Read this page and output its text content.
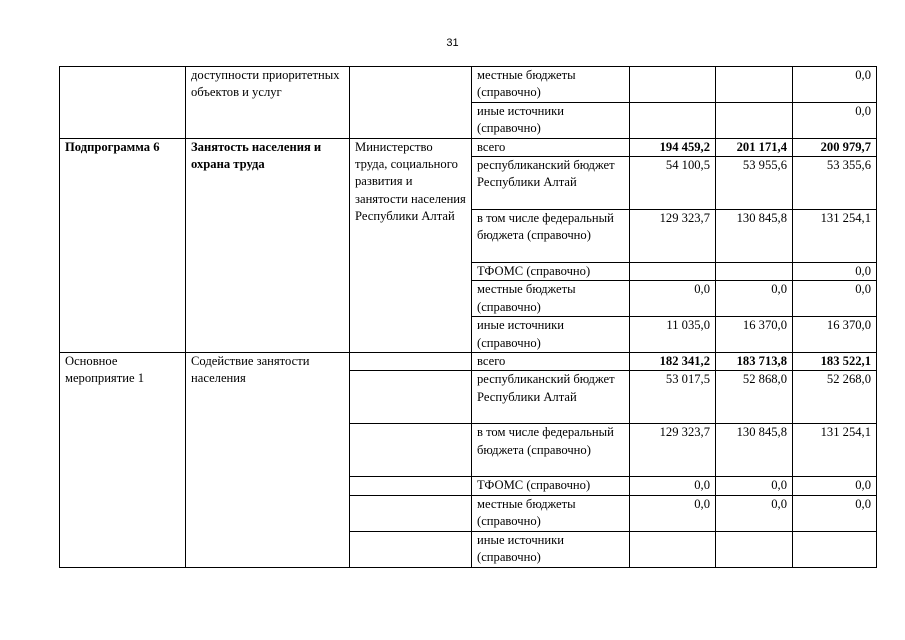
31
	доступности приоритетных объектов и услуг		местные бюджеты (справочно)			0,0
			иные источники (справочно)			0,0
Подпрограмма 6	Занятость населения и охрана труда	Министерство труда, социального развития и занятости населения Республики Алтай	всего	194 459,2	201 171,4	200 979,7
			республиканский бюджет Республики Алтай	54 100,5	53 955,6	53 355,6
			в том числе федеральный бюджета (справочно)	129 323,7	130 845,8	131 254,1
			ТФОМС (справочно)			0,0
			местные бюджеты (справочно)	0,0	0,0	0,0
			иные источники (справочно)	11 035,0	16 370,0	16 370,0
Основное мероприятие 1	Содействие занятости населения		всего	182 341,2	183 713,8	183 522,1
			республиканский бюджет Республики Алтай	53 017,5	52 868,0	52 268,0
			в том числе федеральный бюджета (справочно)	129 323,7	130 845,8	131 254,1
			ТФОМС (справочно)	0,0	0,0	0,0
			местные бюджеты (справочно)	0,0	0,0	0,0
			иные источники (справочно)			
